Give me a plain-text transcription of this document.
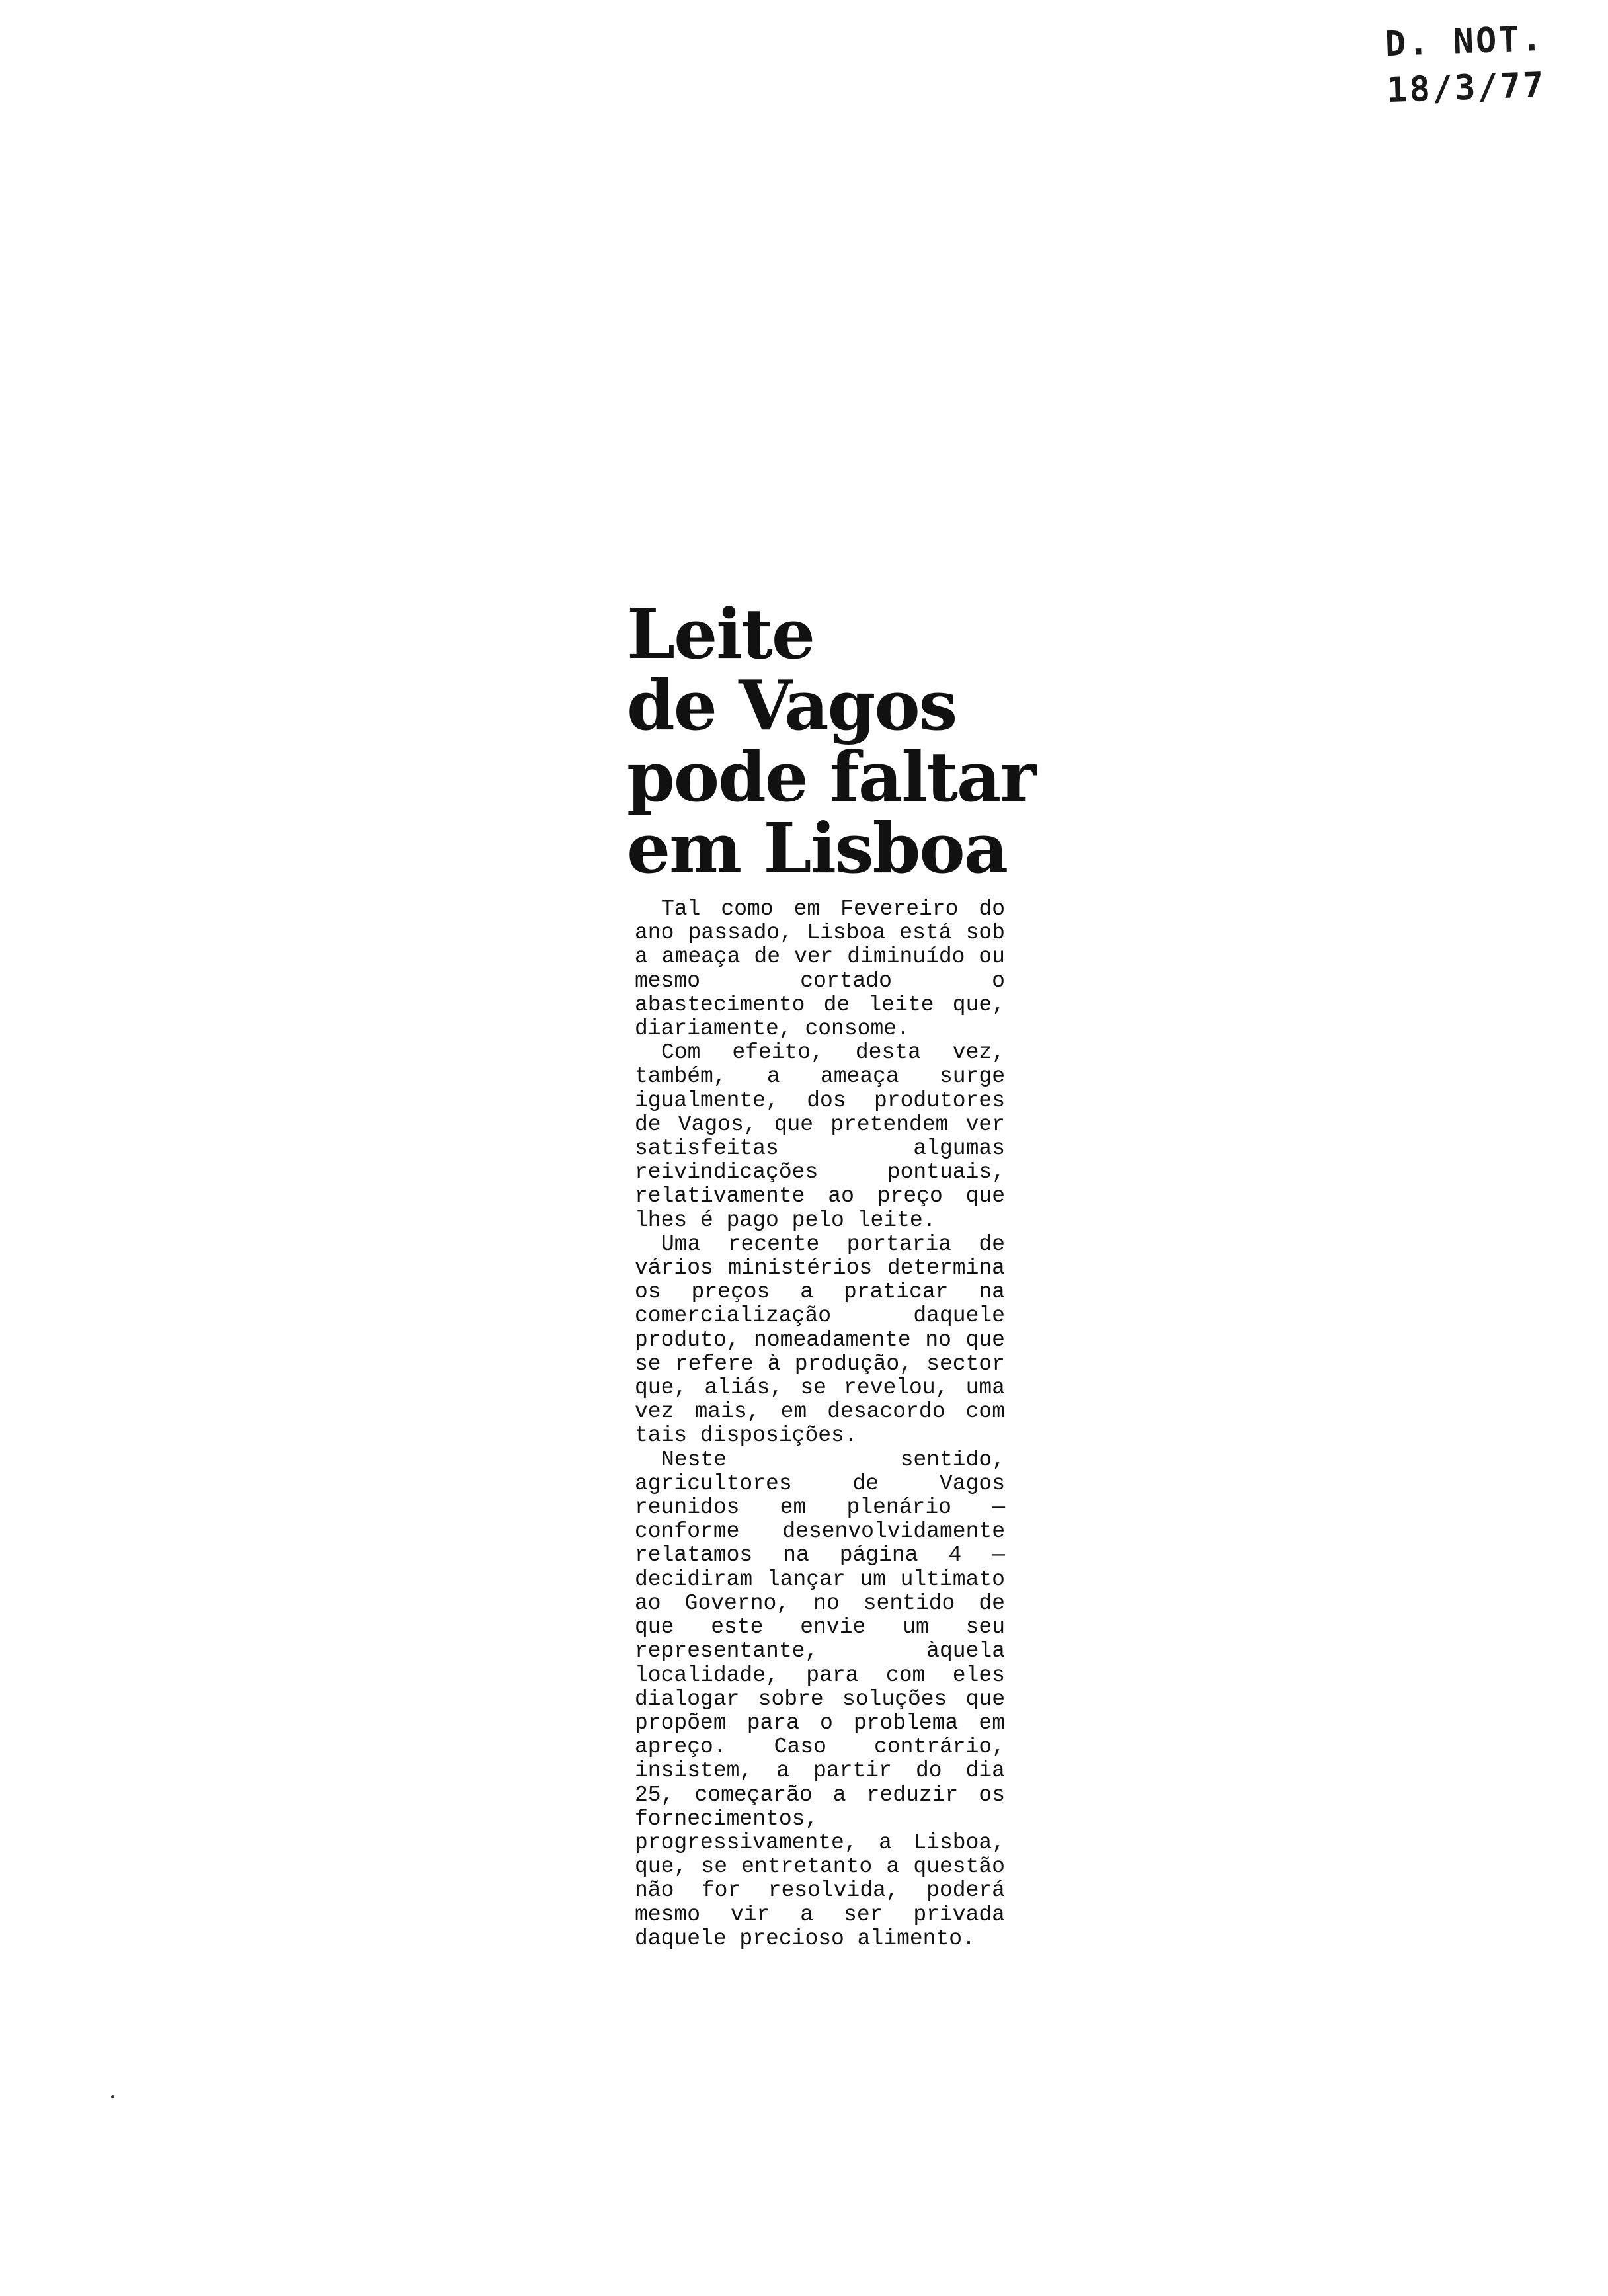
D. NOT.
18/3/77
Leite
de Vagos
pode faltar
em Lisboa

Tal como em Fevereiro do ano passado, Lisboa está sob a ameaça de ver diminuído ou mesmo cortado o abastecimento de leite que, diariamente, consome.

Com efeito, desta vez, também, a ameaça surge igualmente, dos produtores de Vagos, que pretendem ver satisfeitas algumas reivindicações pontuais, relativamente ao preço que lhes é pago pelo leite.

Uma recente portaria de vários ministérios determina os preços a praticar na comercialização daquele produto, nomeadamente no que se refere à produção, sector que, aliás, se revelou, uma vez mais, em desacordo com tais disposições.

Neste sentido, agricultores de Vagos reunidos em plenário — conforme desenvolvidamente relatamos na página 4 — decidiram lançar um ultimato ao Governo, no sentido de que este envie um seu representante, àquela localidade, para com eles dialogar sobre soluções que propõem para o problema em apreço. Caso contrário, insistem, a partir do dia 25, começarão a reduzir os fornecimentos, progressivamente, a Lisboa, que, se entretanto a questão não for resolvida, poderá mesmo vir a ser privada daquele precioso alimento.
